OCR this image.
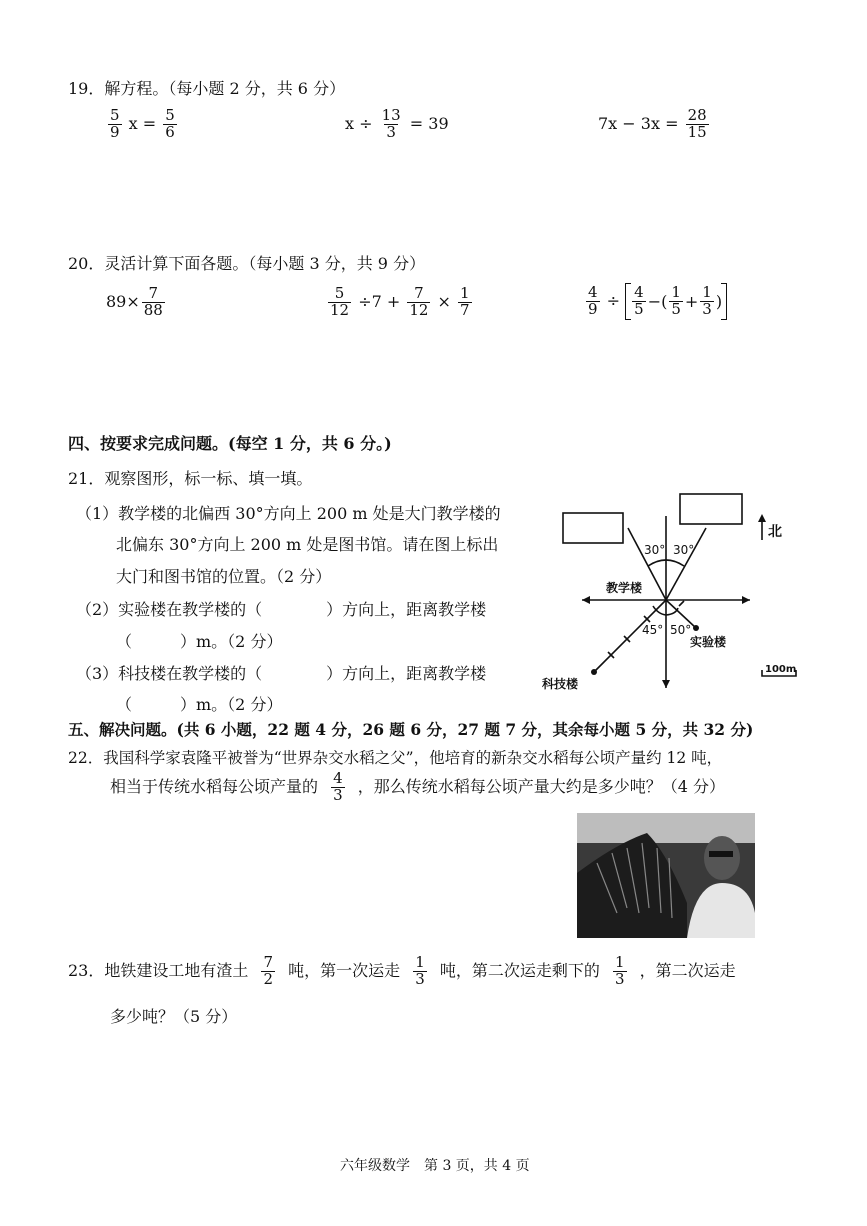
19．解方程。（每小题 2 分，共 6 分）
$\frac{5}{9}$ $x = \frac{5}{6}$	$x \div \frac{13}{3} = 39$	$7x - 3x = \frac{28}{15}$
20．灵活计算下面各题。（每小题 3 分，共 9 分）
$89\times \frac{7}{88}$	$\frac{5}{12} \div 7 + \frac{7}{12} \times \frac{1}{7}$	$\frac{4}{9} \div \frac{4}{5}$ −( $\frac{1}{5} + \frac{1}{3}$ )
四、按要求完成问题。(每空 1 分，共 6 分。)
21．观察图形，标一标、填一填。
（1）教学楼的北偏西 30°方向上 200 m 处是大门教学楼的
北偏东 30°方向上 200 m 处是图书馆。请在图上标出
大门和图书馆的位置。（2 分）
（2）实验楼在教学楼的（　　　　）方向上，距离教学楼
（　　　）m。（2 分）
（3）科技楼在教学楼的（　　　　）方向上，距离教学楼
（　　　）m。（2 分）
北
30° 30°
教学楼
45° 50°
实验楼
科技楼
100m
五、解决问题。(共 6 小题，22 题 4 分，26 题 6 分，27 题 7 分，其余每小题 5 分，共 32 分)
22．我国科学家袁隆平被誉为“世界杂交水稻之父”，他培育的新杂交水稻每公顷产量约 12 吨，
相当于传统水稻每公顷产量的 $\frac{4}{3}$ ，那么传统水稻每公顷产量大约是多少吨？（4 分）
23．地铁建设工地有渣土 $\frac{7}{2}$ 吨，第一次运走 $\frac{1}{3}$ 吨，第二次运走剩下的 $\frac{1}{3}$ ，第二次运走
多少吨？（5 分）
六年级数学　第 3 页，共 4 页
